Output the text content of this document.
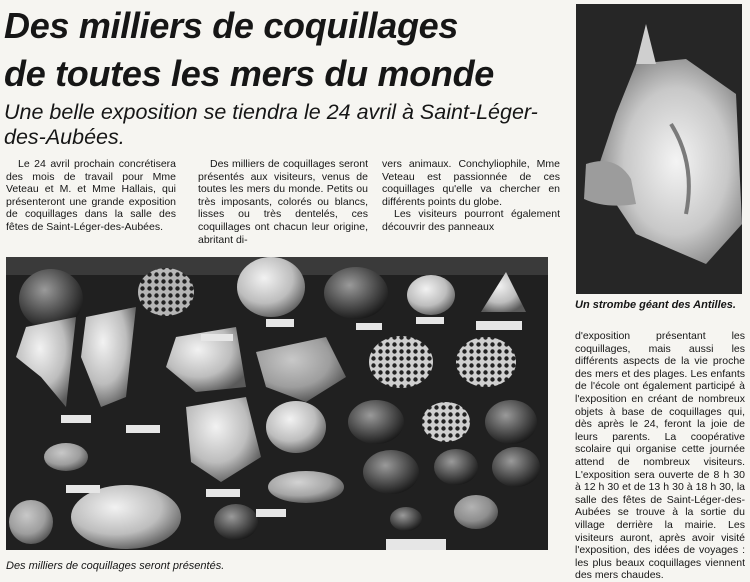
Des milliers de coquillages
de toutes les mers du monde

Une belle exposition se tiendra le 24 avril à Saint-Léger-des-Aubées.

Le 24 avril prochain concrétisera des mois de travail pour Mme Veteau et M. et Mme Hallais, qui présenteront une grande exposition de coquillages dans la salle des fêtes de Saint-Léger-des-Aubées.

Des milliers de coquillages seront présentés aux visiteurs, venus de toutes les mers du monde. Petits ou très imposants, colorés ou blancs, lisses ou très dentelés, ces coquillages ont chacun leur origine, abritant di-

vers animaux. Conchyliophile, Mme Veteau est passionnée de ces coquillages qu'elle va chercher en différents points du globe.

Les visiteurs pourront également découvrir des panneaux

Des milliers de coquillages seront présentés.

Un strombe géant des Antilles.

d'exposition présentant les coquillages, mais aussi les différents aspects de la vie proche des mers et des plages. Les enfants de l'école ont également participé à l'exposition en créant de nombreux objets à base de coquillages qui, dès après le 24, feront la joie de leurs parents. La coopérative scolaire qui organise cette journée attend de nombreux visiteurs. L'exposition sera ouverte de 8 h 30 à 12 h 30 et de 13 h 30 à 18 h 30, la salle des fêtes de Saint-Léger-des-Aubées se trouve à la sortie du village derrière la mairie. Les visiteurs auront, après avoir visité l'exposition, des idées de voyages : les plus beaux coquillages viennent des mers chaudes.
